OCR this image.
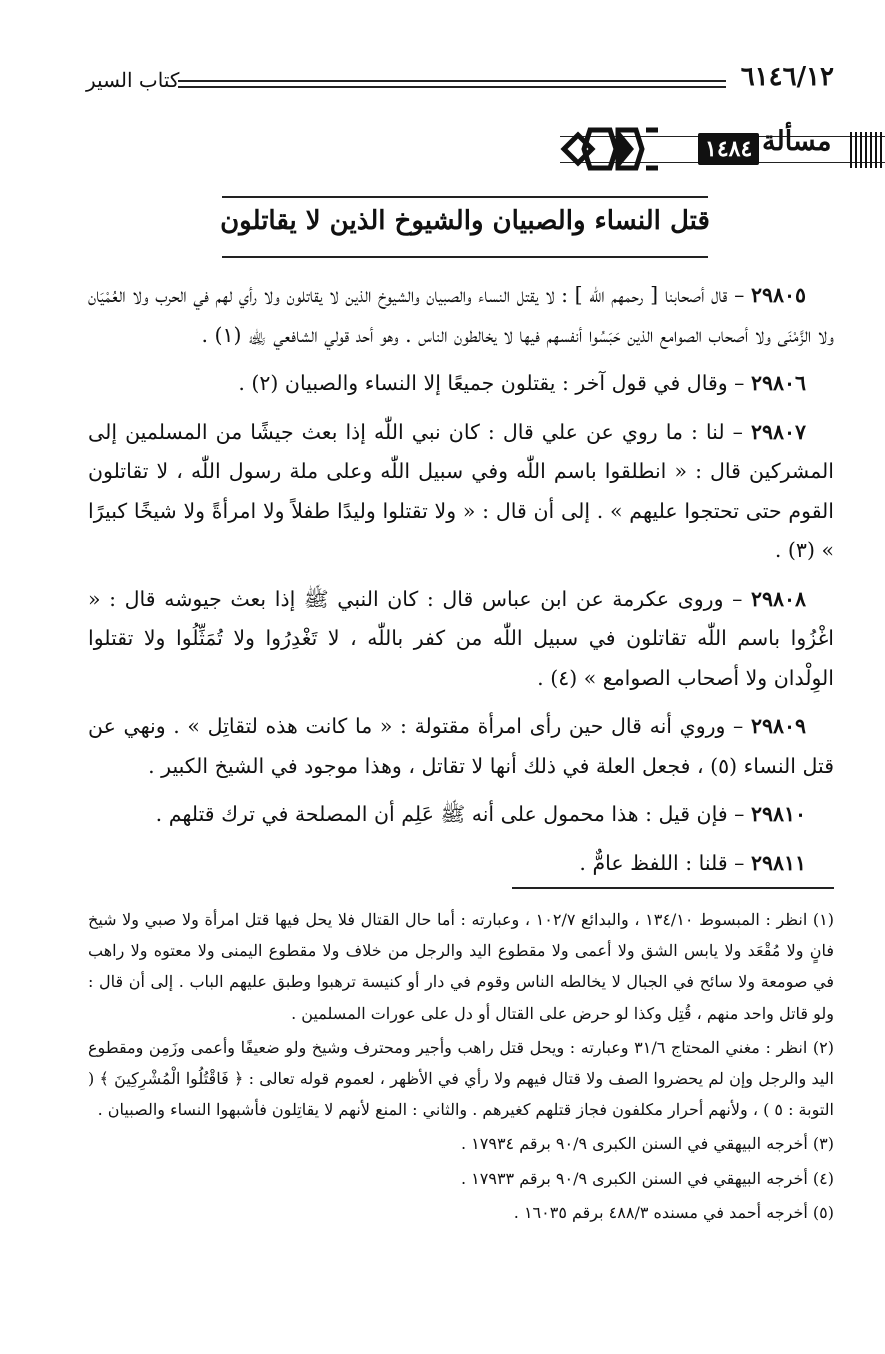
كتاب السير	٦١٤٦/١٢
١٤٨٤ مسألة
قتل النساء والصبيان والشيوخ الذين لا يقاتلون

٢٩٨٠٥ – قال أصحابنا [ رحمهم اللّٰه ] : لا يقتل النساء والصبيان والشيوخ الذين لا يقاتلون ولا رأي لهم في الحرب ولا العُمْيَان ولا الزَّمْنَى ولا أصحاب الصوامع الذين حَبَسُوا أنفسهم فيها لا يخالطون الناس . وهو أحد قولي الشافعي ﵀ (١) .

٢٩٨٠٦ – وقال في قول آخر : يقتلون جميعًا إلا النساء والصبيان (٢) .

٢٩٨٠٧ – لنا : ما روي عن علي قال : كان نبي اللّٰه إذا بعث جيشًا من المسلمين إلى المشركين قال : « انطلقوا باسم اللّٰه وفي سبيل اللّٰه وعلى ملة رسول اللّٰه ، لا تقاتلون القوم حتى تحتجوا عليهم » . إلى أن قال : « ولا تقتلوا وليدًا طفلاً ولا امرأةً ولا شيخًا كبيرًا » (٣) .

٢٩٨٠٨ – وروى عكرمة عن ابن عباس قال : كان النبي ﷺ إذا بعث جيوشه قال : « اغْزُوا باسم اللّٰه تقاتلون في سبيل اللّٰه من كفر باللّٰه ، لا تَغْدِرُوا ولا تُمَثِّلُوا ولا تقتلوا الوِلْدان ولا أصحاب الصوامع » (٤) .

٢٩٨٠٩ – وروي أنه قال حين رأى امرأة مقتولة : « ما كانت هذه لتقاتِل » . ونهي عن قتل النساء (٥) ، فجعل العلة في ذلك أنها لا تقاتل ، وهذا موجود في الشيخ الكبير .

٢٩٨١٠ – فإن قيل : هذا محمول على أنه ﷺ عَلِم أن المصلحة في ترك قتلهم .

٢٩٨١١ – قلنا : اللفظ عامٌّ .

(١) انظر : المبسوط ١٣٤/١٠ ، والبدائع ١٠٢/٧ ، وعبارته : أما حال القتال فلا يحل فيها قتل امرأة ولا صبي ولا شيخ فانٍ ولا مُقْعَد ولا يابس الشق ولا أعمى ولا مقطوع اليد والرجل من خلاف ولا مقطوع اليمنى ولا معتوه ولا راهب في صومعة ولا سائح في الجبال لا يخالطه الناس وقوم في دار أو كنيسة ترهبوا وطبق عليهم الباب . إلى أن قال : ولو قاتل واحد منهم ، قُتِل وكذا لو حرض على القتال أو دل على عورات المسلمين .

(٢) انظر : مغني المحتاج ٣١/٦ وعبارته : ويحل قتل راهب وأجير ومحترف وشيخ ولو ضعيفًا وأعمى وزَمِن ومقطوع اليد والرجل وإن لم يحضروا الصف ولا قتال فيهم ولا رأي في الأظهر ، لعموم قوله تعالى : ﴿ فَاقْتُلُوا الْمُشْرِكِينَ ﴾ ( التوبة : ٥ ) ، ولأنهم أحرار مكلفون فجاز قتلهم كغيرهم . والثاني : المنع لأنهم لا يقاتِلون فأشبهوا النساء والصبيان .

(٣) أخرجه البيهقي في السنن الكبرى ٩٠/٩ برقم ١٧٩٣٤ .

(٤) أخرجه البيهقي في السنن الكبرى ٩٠/٩ برقم ١٧٩٣٣ .

(٥) أخرجه أحمد في مسنده ٤٨٨/٣ برقم ١٦٠٣٥ .
